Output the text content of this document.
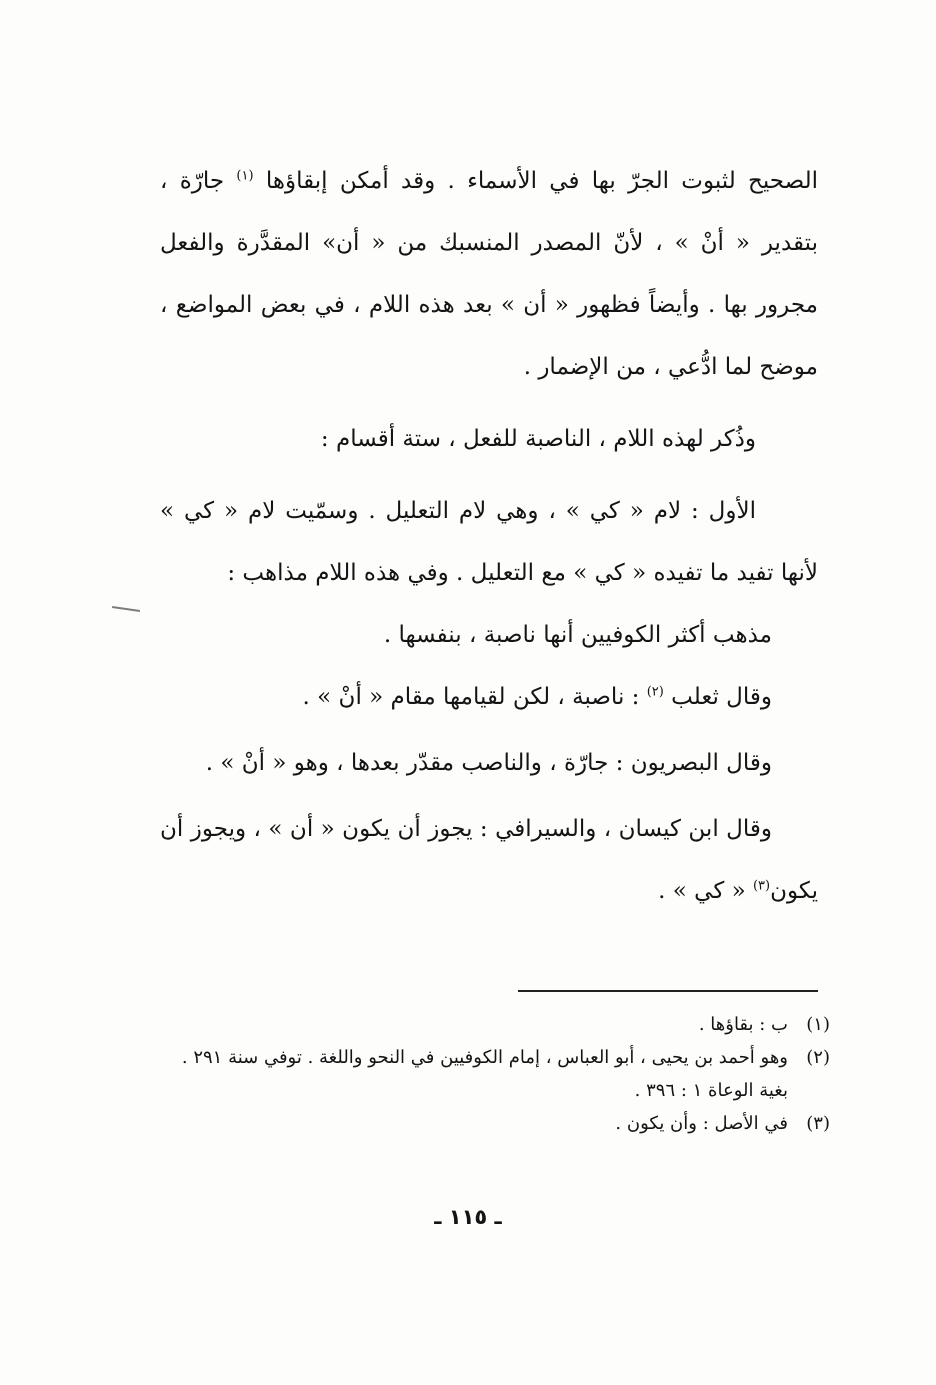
الصحيح لثبوت الجرّ بها في الأسماء . وقد أمكن إبقاؤها $^{(١)}$ جارّة ، بتقدير « أنْ » ، لأنّ المصدر المنسبك من « أن» المقدَّرة والفعل مجرور بها . وأيضاً فظهور « أن » بعد هذه اللام ، في بعض المواضع ، موضح لما ادُّعي ، من الإضمار .

وذُكر لهذه اللام ، الناصبة للفعل ، ستة أقسام :

الأول : لام « كي » ، وهي لام التعليل . وسمّيت لام « كي » لأنها تفيد ما تفيده « كي » مع التعليل . وفي هذه اللام مذاهب :

مذهب أكثر الكوفيين أنها ناصبة ، بنفسها .

وقال ثعلب $^{(٢)}$ : ناصبة ، لكن لقيامها مقام « أنْ » .

وقال البصريون : جارّة ، والناصب مقدّر بعدها ، وهو « أنْ » .

وقال ابن كيسان ، والسيرافي : يجوز أن يكون « أن » ، ويجوز أن يكون$^{(٣)}$ « كي » .

(١)
ب : بقاؤها .

(٢)
وهو أحمد بن يحيى ، أبو العباس ، إمام الكوفيين في النحو واللغة . توفي سنة ٢٩١ . بغية الوعاة ١ : ٣٩٦ .

(٣)
في الأصل : وأن يكون .

ـ ١١٥ ـ
